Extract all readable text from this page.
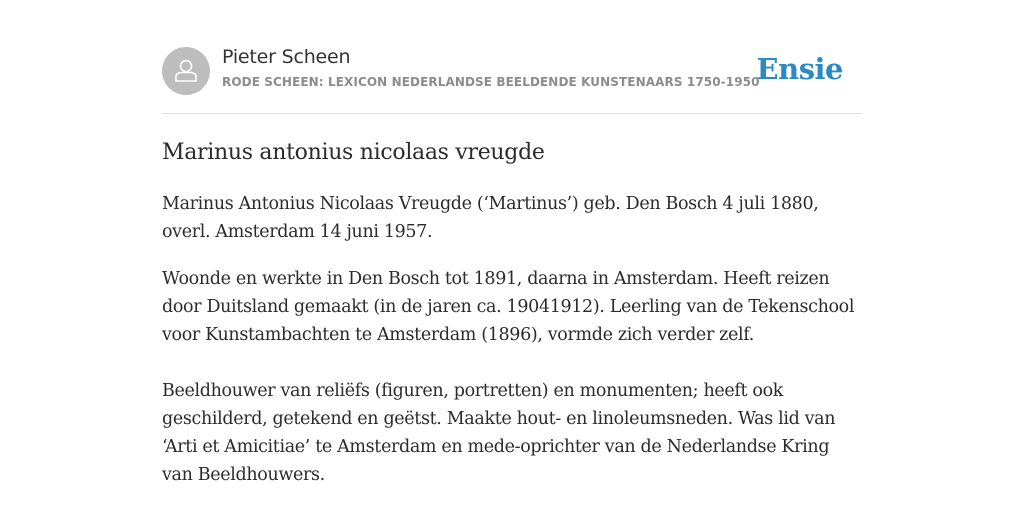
Pieter Scheen
RODE SCHEEN: LEXICON NEDERLANDSE BEELDENDE KUNSTENAARS 1750-1950
Ensie
Marinus antonius nicolaas vreugde

Marinus Antonius Nicolaas Vreugde (‘Martinus’) geb. Den Bosch 4 juli 1880,
overl. Amsterdam 14 juni 1957.

Woonde en werkte in Den Bosch tot 1891, daarna in Amsterdam. Heeft reizen
door Duitsland gemaakt (in de jaren ca. 19041912). Leerling van de Tekenschool
voor Kunstambachten te Amsterdam (1896), vormde zich verder zelf.

Beeldhouwer van reliëfs (figuren, portretten) en monumenten; heeft ook
geschilderd, getekend en geëtst. Maakte hout- en linoleumsneden. Was lid van
‘Arti et Amicitiae’ te Amsterdam en mede-oprichter van de Nederlandse Kring
van Beeldhouwers.
